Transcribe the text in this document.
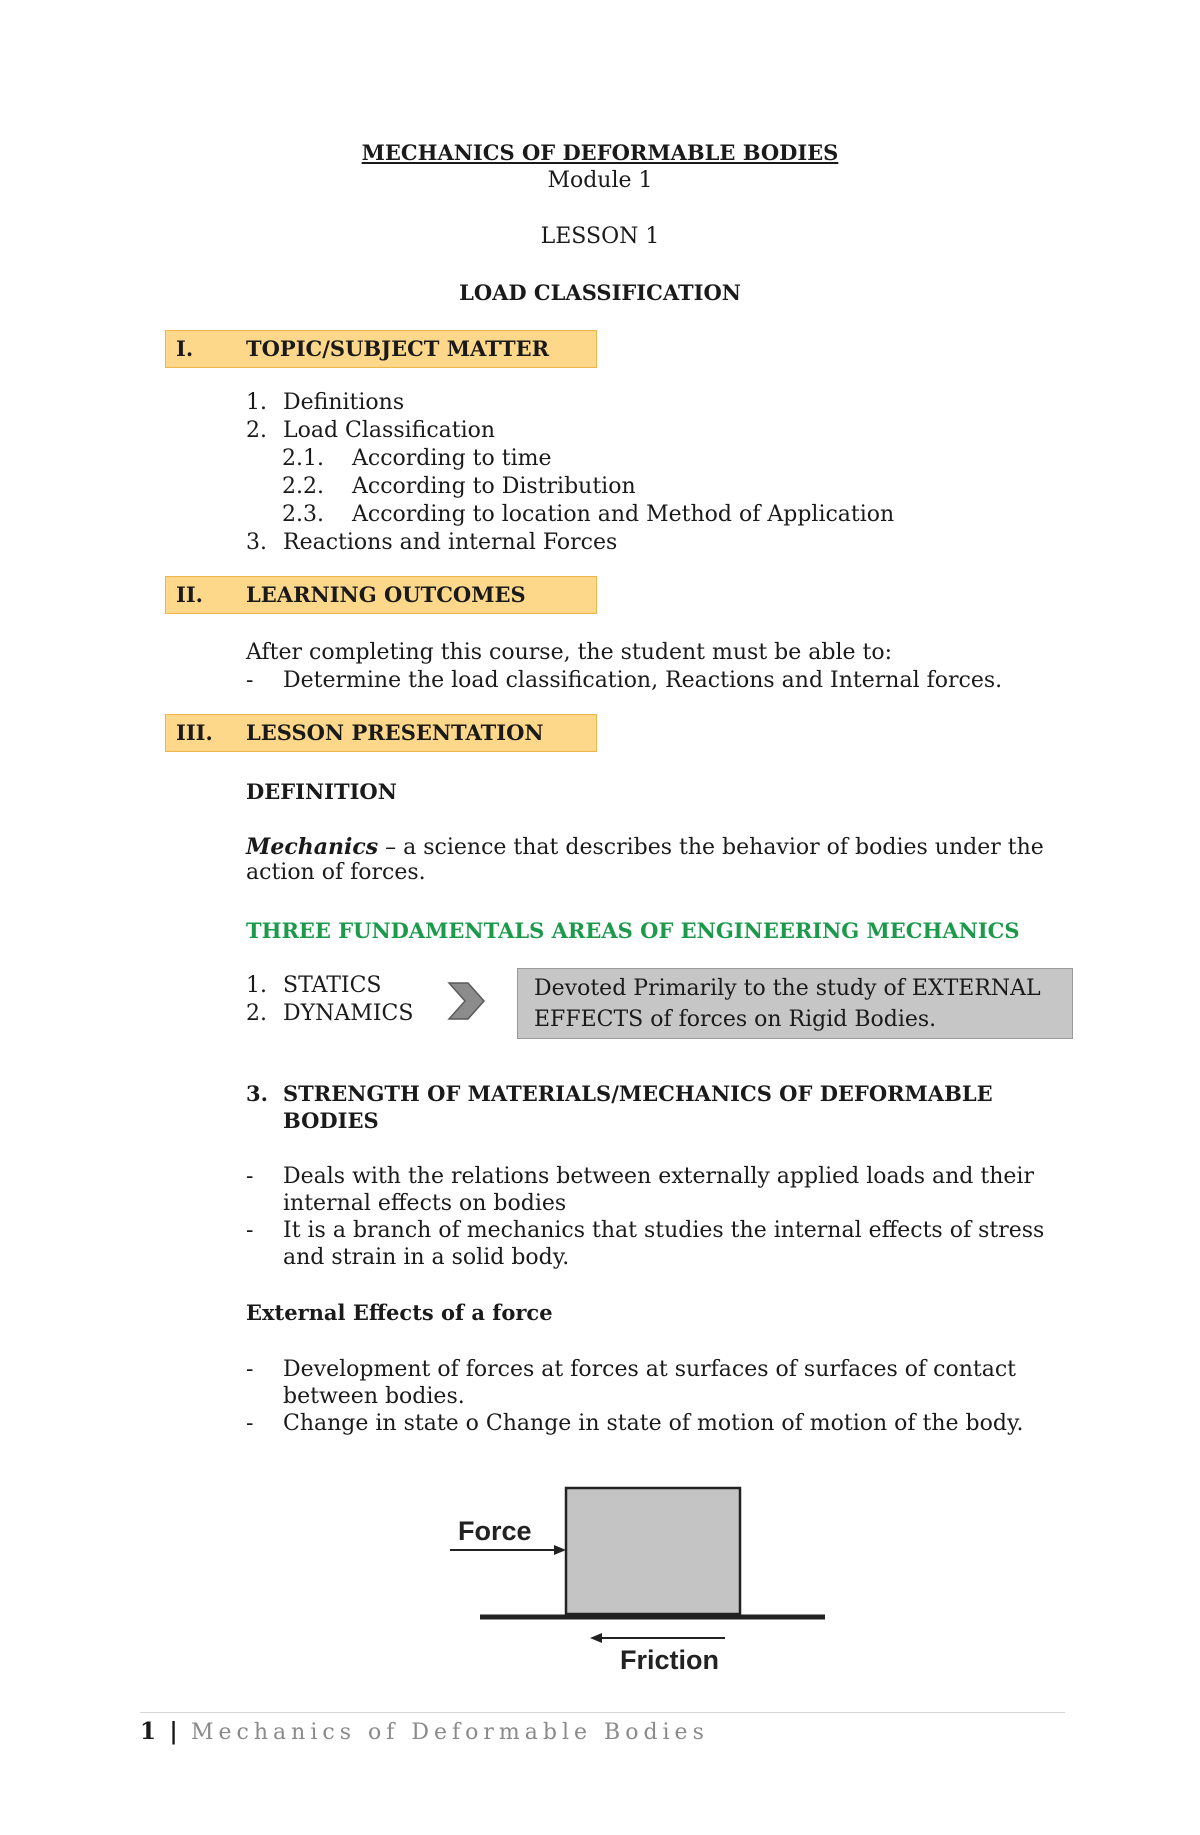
MECHANICS OF DEFORMABLE BODIES
Module 1
LESSON 1
LOAD CLASSIFICATION
I.	TOPIC/SUBJECT MATTER
1. Definitions
2. Load Classification
2.1. According to time
2.2. According to Distribution
2.3. According to location and Method of Application
3. Reactions and internal Forces
II. LEARNING OUTCOMES
After completing this course, the student must be able to:
- Determine the load classification, Reactions and Internal forces.
III. LESSON PRESENTATION
DEFINITION
Mechanics – a science that describes the behavior of bodies under the
action of forces.
THREE FUNDAMENTALS AREAS OF ENGINEERING MECHANICS
1. STATICS
2. DYNAMICS
Devoted Primarily to the study of EXTERNAL
EFFECTS of forces on Rigid Bodies.
3. STRENGTH OF MATERIALS/MECHANICS OF DEFORMABLE
BODIES
- Deals with the relations between externally applied loads and their
internal effects on bodies
- It is a branch of mechanics that studies the internal effects of stress
and strain in a solid body.
External Effects of a force
- Development of forces at forces at surfaces of surfaces of contact
between bodies.
- Change in state o Change in state of motion of motion of the body.
Force
Friction
1 | Mechanics of Deformable Bodies
